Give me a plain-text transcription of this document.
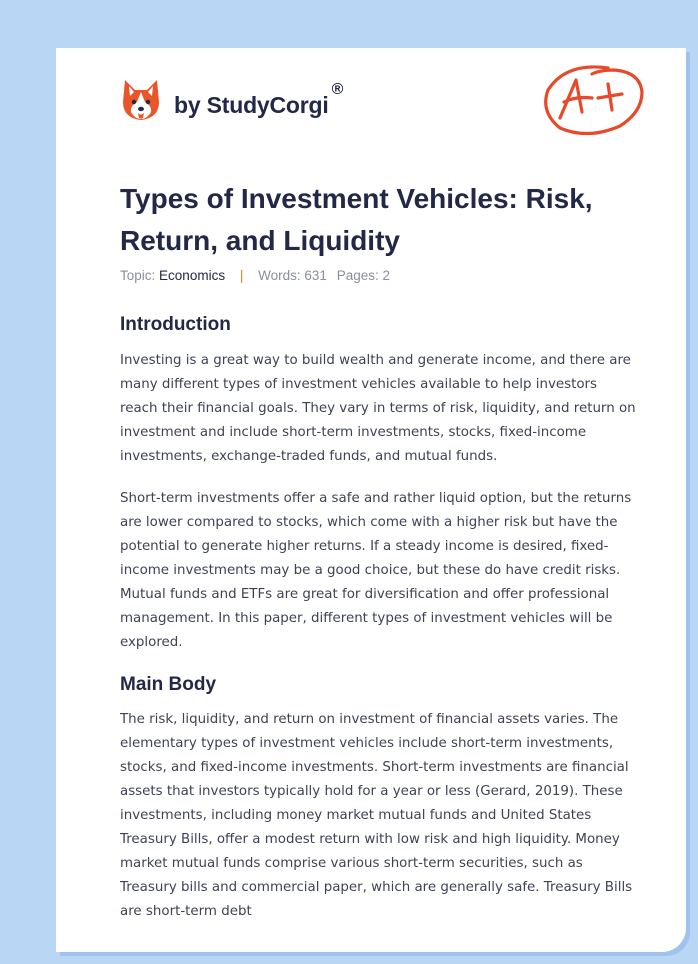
by StudyCorgi
®
Types of Investment Vehicles: Risk, Return, and Liquidity
Topic: Economics | Words: 631 Pages: 2
Introduction

Investing is a great way to build wealth and generate income, and there are many different types of investment vehicles available to help investors reach their financial goals. They vary in terms of risk, liquidity, and return on investment and include short-term investments, stocks, fixed-income investments, exchange-traded funds, and mutual funds.

Short-term investments offer a safe and rather liquid option, but the returns are lower compared to stocks, which come with a higher risk but have the potential to generate higher returns. If a steady income is desired, fixed-income investments may be a good choice, but these do have credit risks. Mutual funds and ETFs are great for diversification and offer professional management. In this paper, different types of investment vehicles will be explored.

Main Body

The risk, liquidity, and return on investment of financial assets varies. The elementary types of investment vehicles include short-term investments, stocks, and fixed-income investments. Short-term investments are financial assets that investors typically hold for a year or less (Gerard, 2019). These investments, including money market mutual funds and United States Treasury Bills, offer a modest return with low risk and high liquidity. Money market mutual funds comprise various short-term securities, such as Treasury bills and commercial paper, which are generally safe. Treasury Bills are short-term debt
